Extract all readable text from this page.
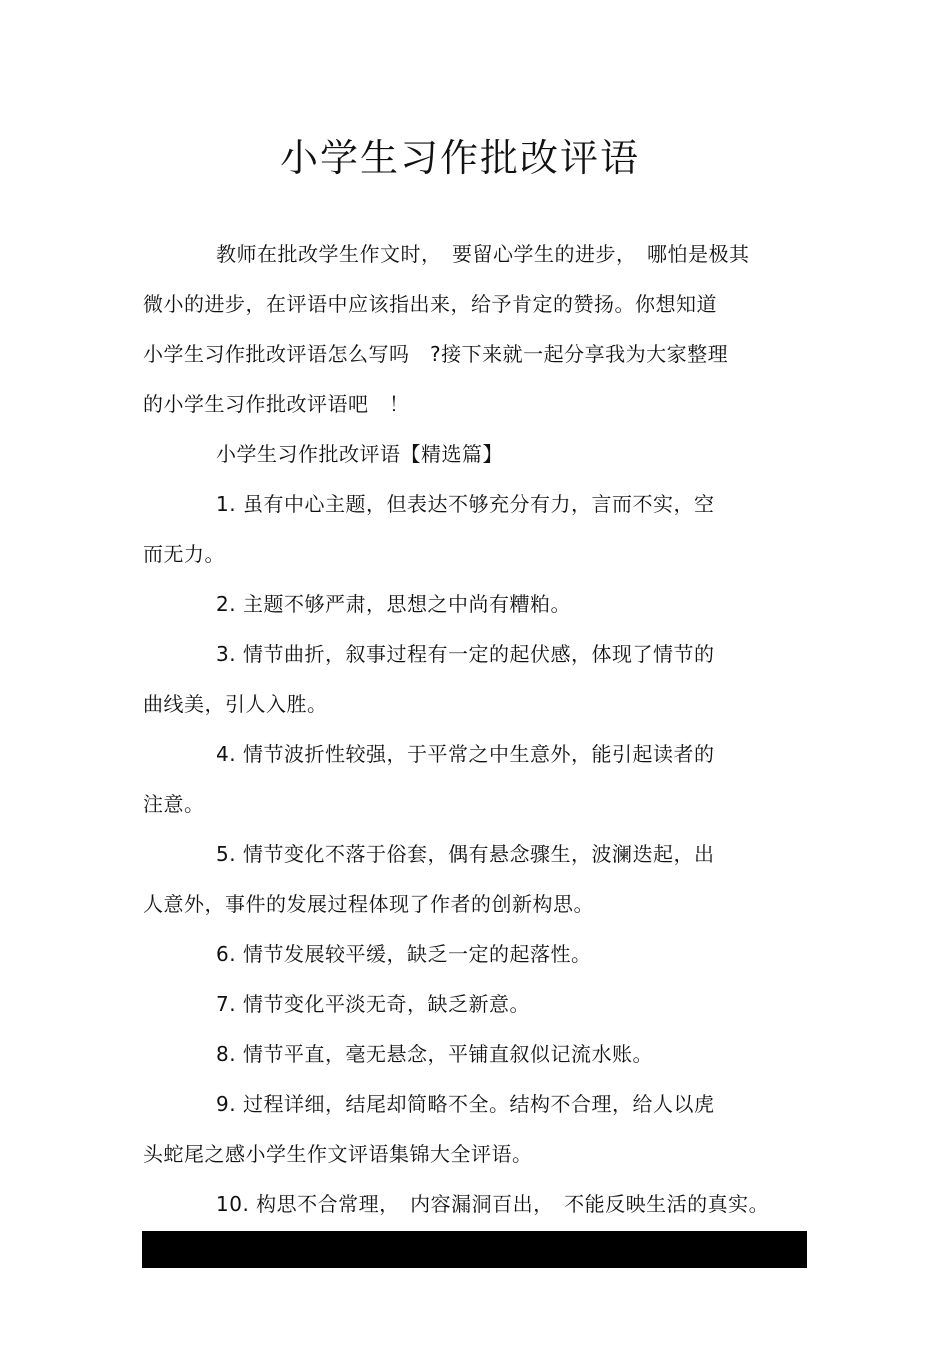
小学生习作批改评语
教师在批改学生作文时，　要留心学生的进步，　哪怕是极其
微小的进步，在评语中应该指出来，给予肯定的赞扬。你想知道
小学生习作批改评语怎么写吗　?接下来就一起分享我为大家整理
的小学生习作批改评语吧　！
小学生习作批改评语【精选篇】
1. 虽有中心主题，但表达不够充分有力，言而不实，空
而无力。
2. 主题不够严肃，思想之中尚有糟粕。
3. 情节曲折，叙事过程有一定的起伏感，体现了情节的
曲线美，引人入胜。
4. 情节波折性较强，于平常之中生意外，能引起读者的
注意。
5. 情节变化不落于俗套，偶有悬念骤生，波澜迭起，出
人意外，事件的发展过程体现了作者的创新构思。
6. 情节发展较平缓，缺乏一定的起落性。
7. 情节变化平淡无奇，缺乏新意。
8. 情节平直，毫无悬念，平铺直叙似记流水账。
9. 过程详细，结尾却简略不全。结构不合理，给人以虎
头蛇尾之感小学生作文评语集锦大全评语。
10. 构思不合常理，　内容漏洞百出，　不能反映生活的真实。
